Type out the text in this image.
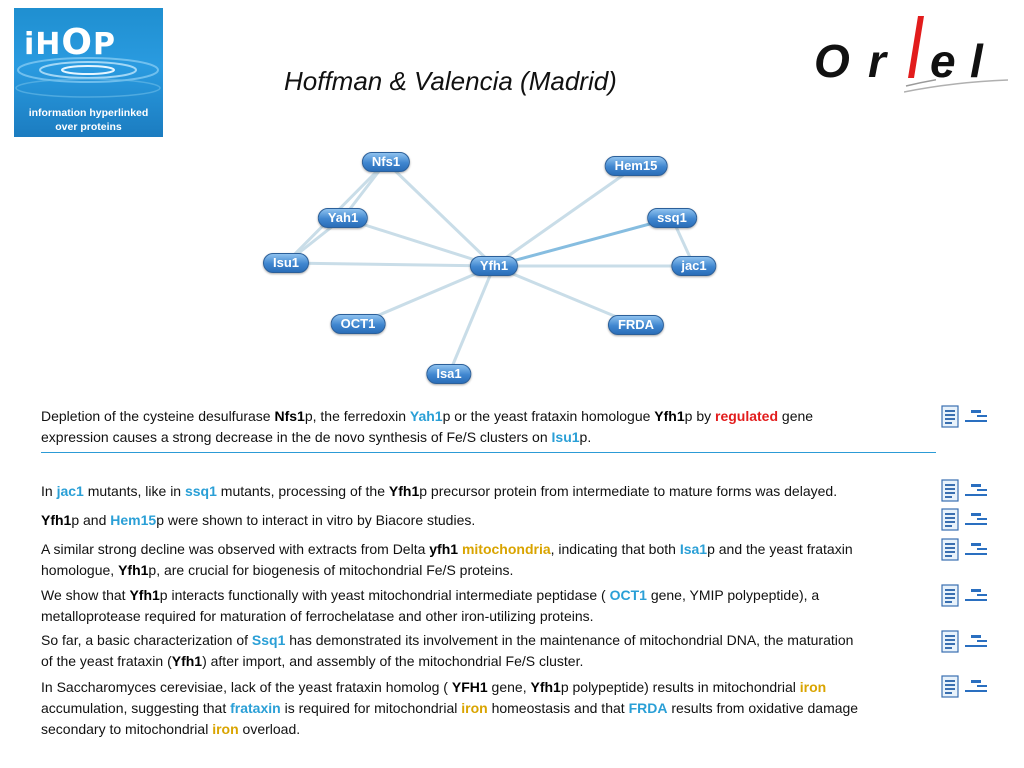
iHOP
information hyperlinked
over proteins
Hoffman & Valencia (Madrid)	O r e l
Nfs1	Hem15
Yah1	ssq1
Isu1	Yfh1	jac1
OCT1	FRDA
Isa1
Depletion of the cysteine desulfurase Nfs1p, the ferredoxin Yah1p or the yeast frataxin homologue Yfh1p by regulated gene
expression causes a strong decrease in the de novo synthesis of Fe/S clusters on Isu1p.
In jac1 mutants, like in ssq1 mutants, processing of the Yfh1p precursor protein from intermediate to mature forms was delayed.
Yfh1p and Hem15p were shown to interact in vitro by Biacore studies.
A similar strong decline was observed with extracts from Delta yfh1 mitochondria, indicating that both Isa1p and the yeast frataxin
homologue, Yfh1p, are crucial for biogenesis of mitochondrial Fe/S proteins.
We show that Yfh1p interacts functionally with yeast mitochondrial intermediate peptidase ( OCT1 gene, YMIP polypeptide), a
metalloprotease required for maturation of ferrochelatase and other iron-utilizing proteins.
So far, a basic characterization of Ssq1 has demonstrated its involvement in the maintenance of mitochondrial DNA, the maturation
of the yeast frataxin (Yfh1) after import, and assembly of the mitochondrial Fe/S cluster.
In Saccharomyces cerevisiae, lack of the yeast frataxin homolog ( YFH1 gene, Yfh1p polypeptide) results in mitochondrial iron
accumulation, suggesting that frataxin is required for mitochondrial iron homeostasis and that FRDA results from oxidative damage
secondary to mitochondrial iron overload.
